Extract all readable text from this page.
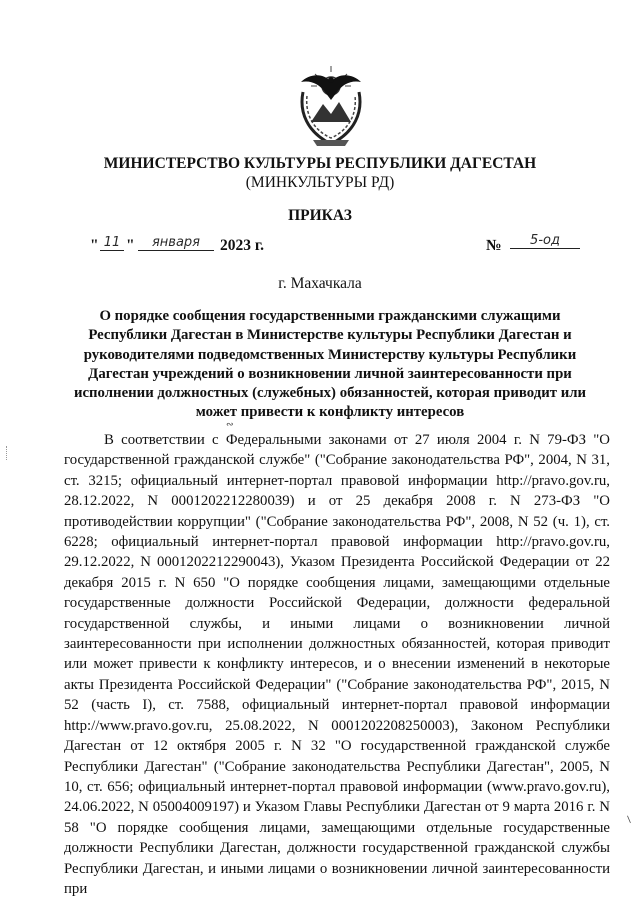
МИНИСТЕРСТВО КУЛЬТУРЫ РЕСПУБЛИКИ ДАГЕСТАН
(МИНКУЛЬТУРЫ РД)
ПРИКАЗ
" 11 "	января	2023 г.	№	5-од
г. Махачкала
О порядке сообщения государственными гражданскими служащими Республики Дагестан в Министерстве культуры Республики Дагестан и руководителями подведомственных Министерству культуры Республики Дагестан учреждений о возникновении личной заинтересованности при исполнении должностных (служебных) обязанностей, которая приводит или может привести к конфликту интересов
В соответствии с Федеральными законами от 27 июля 2004 г. N 79-ФЗ "О государственной гражданской службе" ("Собрание законодательства РФ", 2004, N 31, ст. 3215; официальный интернет-портал правовой информации http://pravo.gov.ru, 28.12.2022, N 0001202212280039) и от 25 декабря 2008 г. N 273-ФЗ "О противодействии коррупции" ("Собрание законодательства РФ", 2008, N 52 (ч. 1), ст. 6228; официальный интернет-портал правовой информации http://pravo.gov.ru, 29.12.2022, N 0001202212290043), Указом Президента Российской Федерации от 22 декабря 2015 г. N 650 "О порядке сообщения лицами, замещающими отдельные государственные должности Российской Федерации, должности федеральной государственной службы, и иными лицами о возникновении личной заинтересованности при исполнении должностных обязанностей, которая приводит или может привести к конфликту интересов, и о внесении изменений в некоторые акты Президента Российской Федерации" ("Собрание законодательства РФ", 2015, N 52 (часть I), ст. 7588, официальный интернет-портал правовой информации http://www.pravo.gov.ru, 25.08.2022, N 0001202208250003), Законом Республики Дагестан от 12 октября 2005 г. N 32 "О государственной гражданской службе Республики Дагестан" ("Собрание законодательства Республики Дагестан", 2005, N 10, ст. 656; официальный интернет-портал правовой информации (www.pravo.gov.ru), 24.06.2022, N 05004009197) и Указом Главы Республики Дагестан от 9 марта 2016 г. N 58 "О порядке сообщения лицами, замещающими отдельные государственные должности Республики Дагестан, должности государственной гражданской службы Республики Дагестан, и иными лицами о возникновении личной заинтересованности при
∾
/
